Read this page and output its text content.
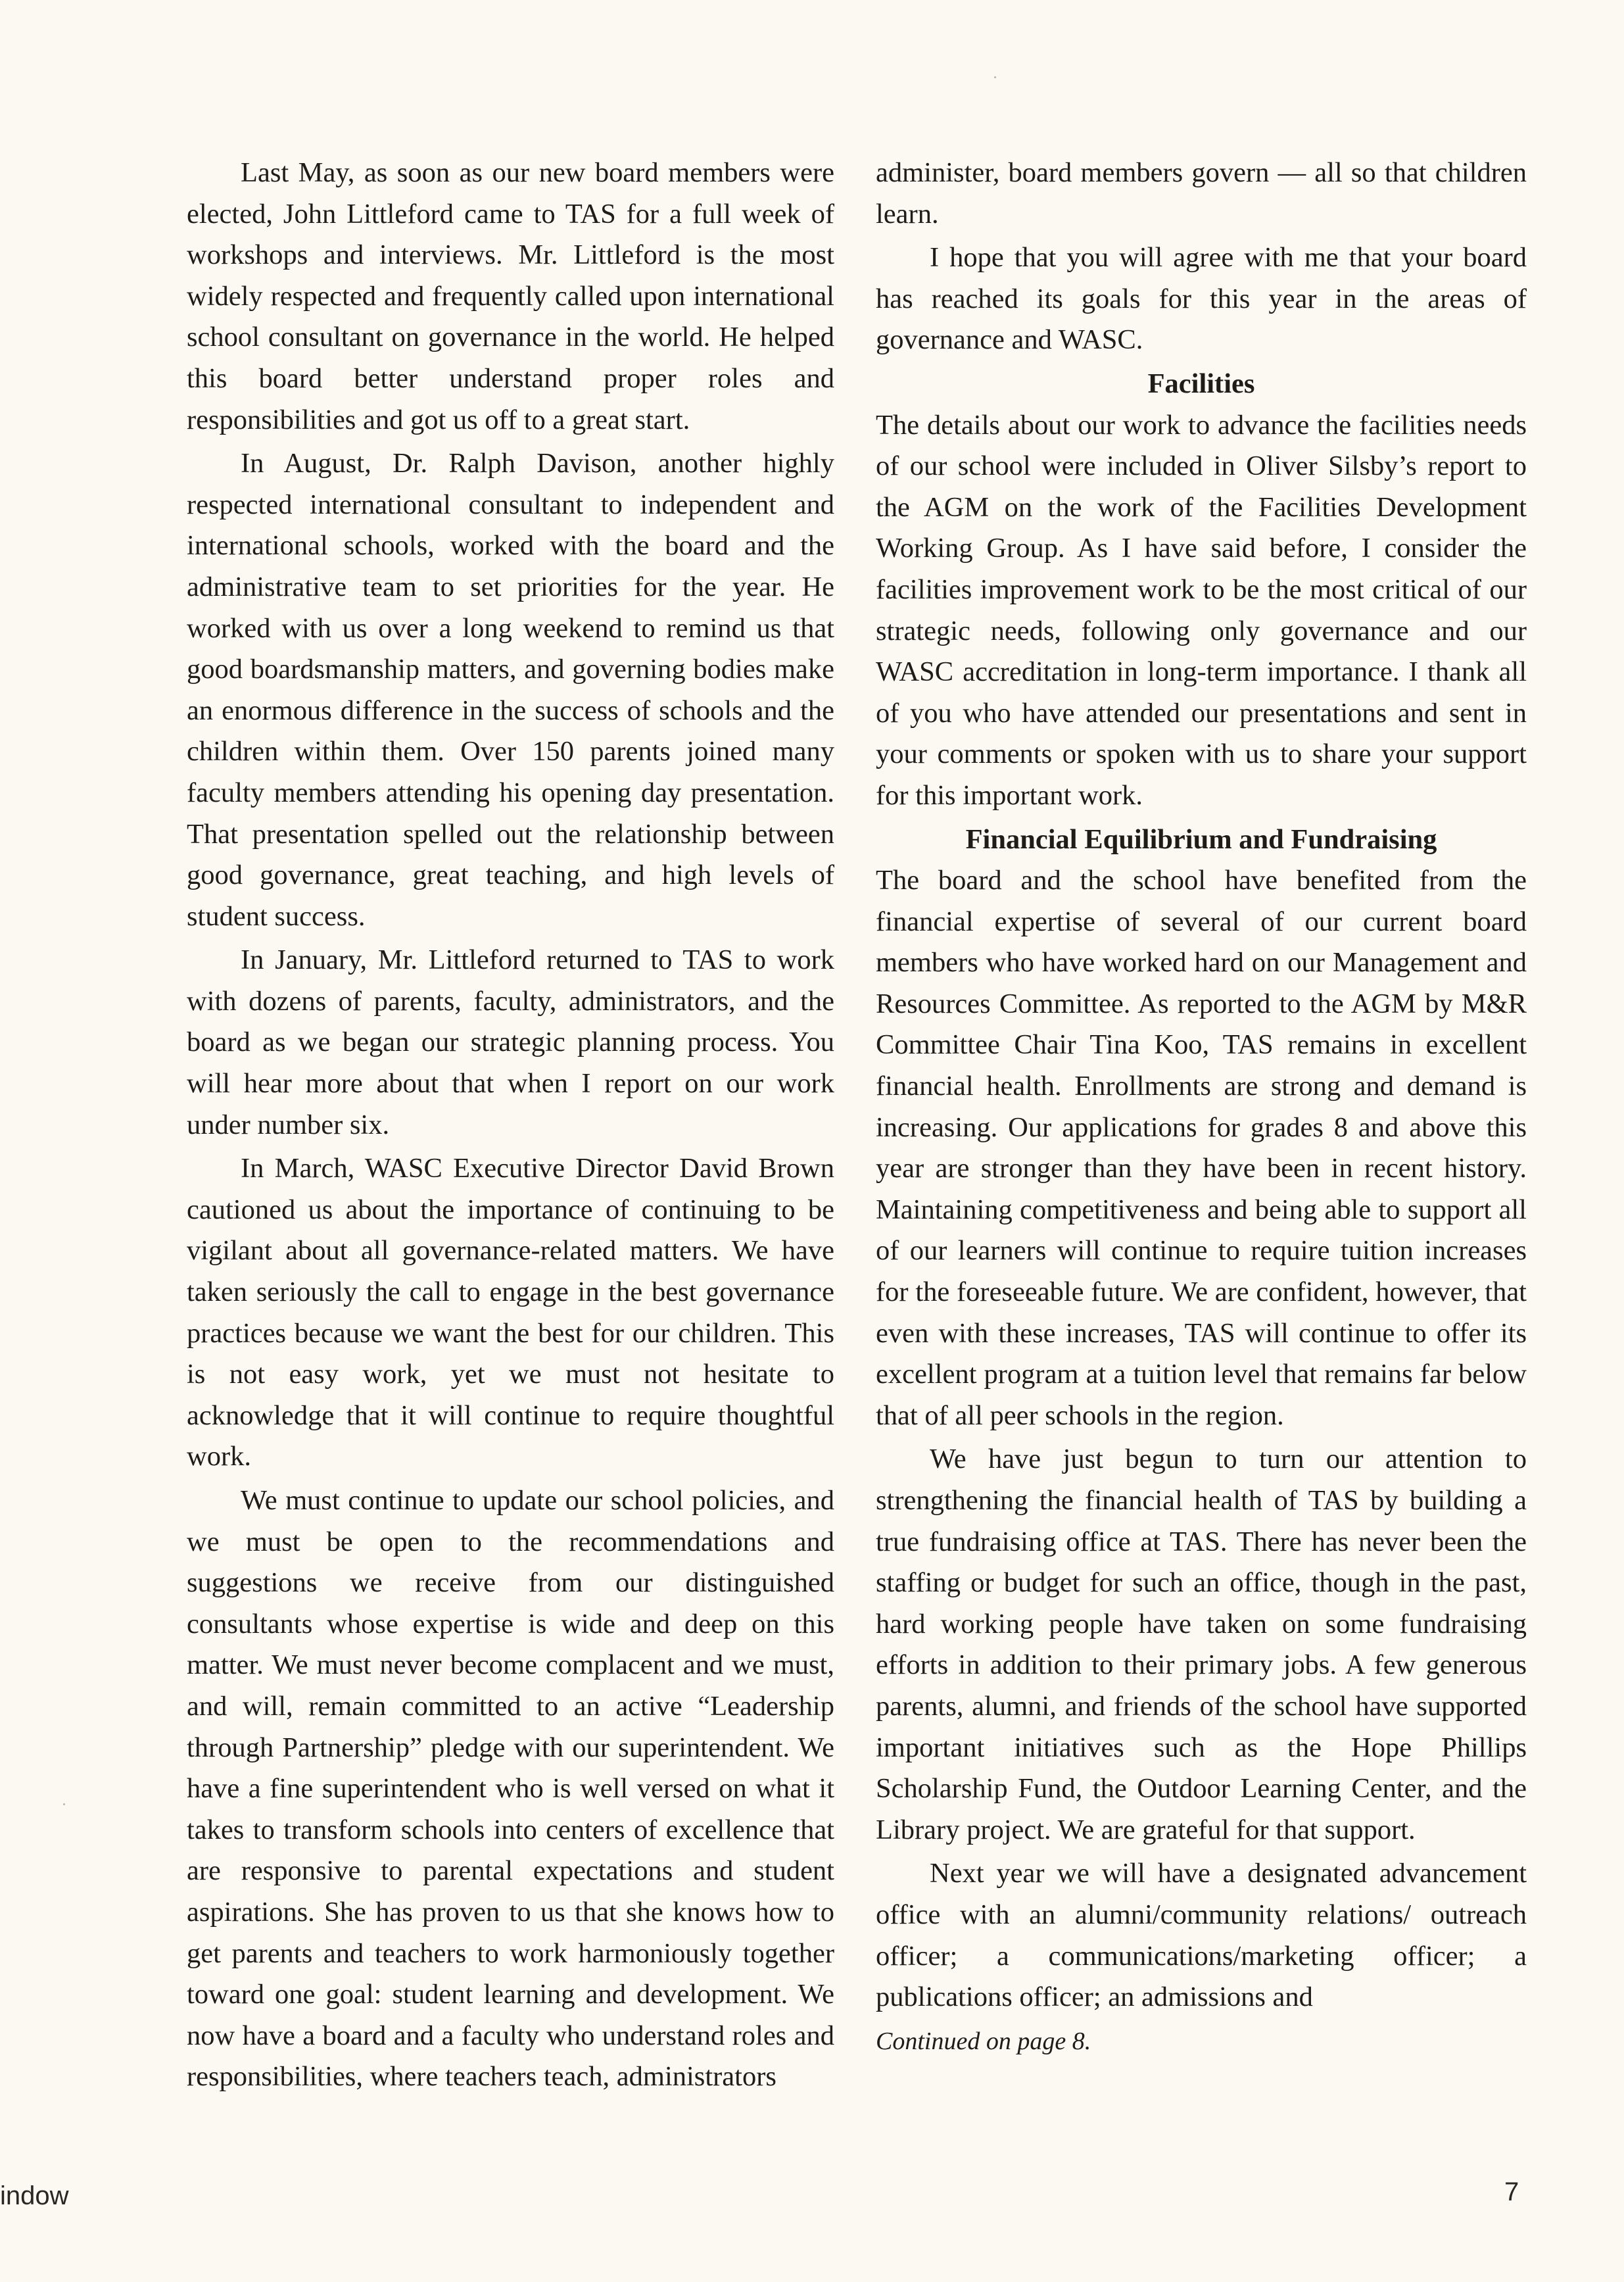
Last May, as soon as our new board members were elected, John Littleford came to TAS for a full week of workshops and interviews. Mr. Littleford is the most widely respected and frequently called upon international school consultant on governance in the world. He helped this board better understand proper roles and responsibilities and got us off to a great start.

In August, Dr. Ralph Davison, another highly respected international consultant to independent and international schools, worked with the board and the administrative team to set priorities for the year. He worked with us over a long weekend to remind us that good boardsmanship matters, and governing bodies make an enormous difference in the success of schools and the children within them. Over 150 parents joined many faculty members attending his opening day presentation. That presentation spelled out the relationship between good governance, great teaching, and high levels of student success.

In January, Mr. Littleford returned to TAS to work with dozens of parents, faculty, administrators, and the board as we began our strategic planning process. You will hear more about that when I report on our work under number six.

In March, WASC Executive Director David Brown cautioned us about the importance of continuing to be vigilant about all governance-related matters. We have taken seriously the call to engage in the best governance practices because we want the best for our children. This is not easy work, yet we must not hesitate to acknowledge that it will continue to require thoughtful work.

We must continue to update our school policies, and we must be open to the recommendations and suggestions we receive from our distinguished consultants whose expertise is wide and deep on this matter. We must never become complacent and we must, and will, remain committed to an active “Leadership through Partnership” pledge with our superintendent. We have a fine superintendent who is well versed on what it takes to transform schools into centers of excellence that are responsive to parental expectations and student aspirations. She has proven to us that she knows how to get parents and teachers to work harmoniously together toward one goal: student learning and development. We now have a board and a faculty who understand roles and responsibilities, where teachers teach, administrators

administer, board members govern — all so that children learn.

I hope that you will agree with me that your board has reached its goals for this year in the areas of governance and WASC.

Facilities

The details about our work to advance the facilities needs of our school were included in Oliver Silsby’s report to the AGM on the work of the Facilities Development Working Group. As I have said before, I consider the facilities improvement work to be the most critical of our strategic needs, following only governance and our WASC accreditation in long-term importance. I thank all of you who have attended our presentations and sent in your comments or spoken with us to share your support for this important work.

Financial Equilibrium and Fundraising

The board and the school have benefited from the financial expertise of several of our current board members who have worked hard on our Management and Resources Committee. As reported to the AGM by M&R Committee Chair Tina Koo, TAS remains in excellent financial health. Enrollments are strong and demand is increasing. Our applications for grades 8 and above this year are stronger than they have been in recent history. Maintaining competitiveness and being able to support all of our learners will continue to require tuition increases for the foreseeable future. We are confident, however, that even with these increases, TAS will continue to offer its excellent program at a tuition level that remains far below that of all peer schools in the region.

We have just begun to turn our attention to strengthening the financial health of TAS by building a true fundraising office at TAS. There has never been the staffing or budget for such an office, though in the past, hard working people have taken on some fundraising efforts in addition to their primary jobs. A few generous parents, alumni, and friends of the school have supported important initiatives such as the Hope Phillips Scholarship Fund, the Outdoor Learning Center, and the Library project. We are grateful for that support.

Next year we will have a designated advancement office with an alumni/community relations/ outreach officer; a communications/marketing officer; a publications officer; an admissions and

Continued on page 8.
indow	7
